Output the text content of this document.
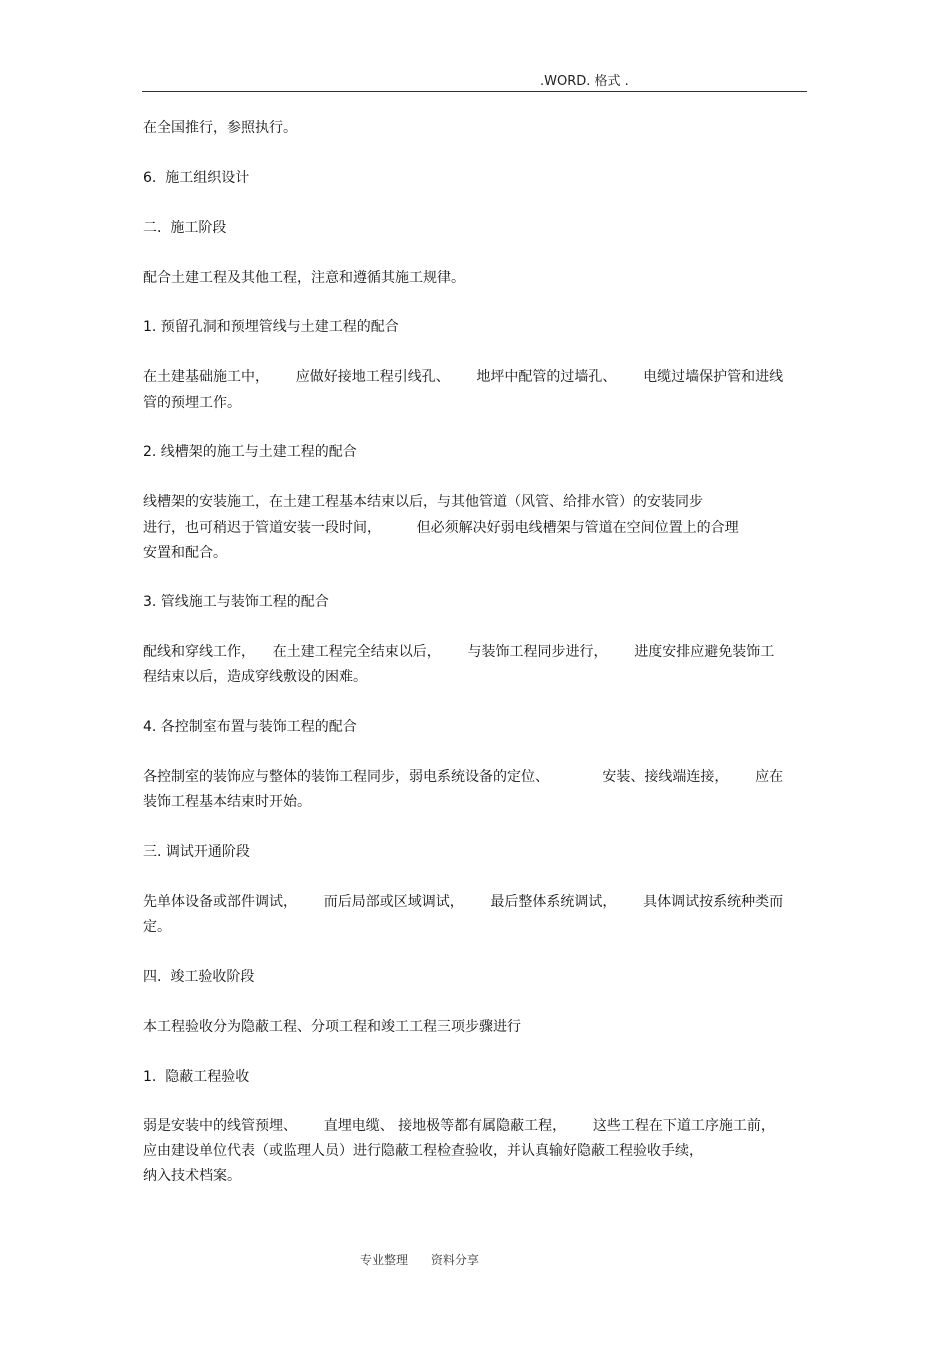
.WORD. 格式 .
在全国推行，参照执行。
6.  施工组织设计
二.  施工阶段
配合土建工程及其他工程，注意和遵循其施工规律。
1. 预留孔洞和预埋管线与土建工程的配合
在土建基础施工中，      应做好接地工程引线孔、      地坪中配管的过墙孔、      电缆过墙保护管和进线
管的预埋工作。
2. 线槽架的施工与土建工程的配合
线槽架的安装施工，在土建工程基本结束以后，与其他管道（风管、给排水管）的安装同步
进行，也可稍迟于管道安装一段时间，        但必须解决好弱电线槽架与管道在空间位置上的合理
安置和配合。
3. 管线施工与装饰工程的配合
配线和穿线工作，    在土建工程完全结束以后，      与装饰工程同步进行，      进度安排应避免装饰工
程结束以后，造成穿线敷设的困难。
4. 各控制室布置与装饰工程的配合
各控制室的装饰应与整体的装饰工程同步，弱电系统设备的定位、            安装、接线端连接，      应在
装饰工程基本结束时开始。
三. 调试开通阶段
先单体设备或部件调试，      而后局部或区域调试，      最后整体系统调试，      具体调试按系统种类而
定。
四.  竣工验收阶段
本工程验收分为隐蔽工程、分项工程和竣工工程三项步骤进行
1.  隐蔽工程验收
弱是安装中的线管预埋、      直埋电缆、 接地极等都有属隐蔽工程，      这些工程在下道工序施工前，
应由建设单位代表（或监理人员）进行隐蔽工程检查验收，并认真输好隐蔽工程验收手续，
纳入技术档案。
专业整理      资料分享
